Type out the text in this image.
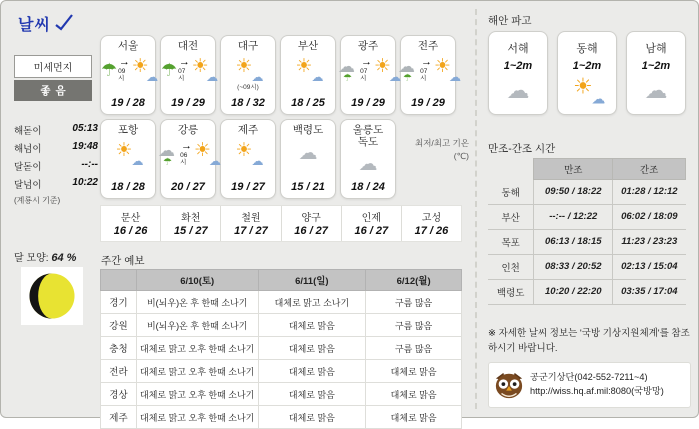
날씨
미세먼지
좋음
해돋이	05:13
해넘이	19:48
달돋이	--:--
달넘이	10:22
(계룡시 기준)
달 모양: 64 %
서울
☂ →
09시
☀
☁
19 / 28
대전
☂ →
07시
☀
☁
19 / 29
대구
☀
☁
(~09시)
18 / 32
부산
☀
☁
18 / 25
광주
☁
☂
→
07시
☀
☁
19 / 29
전주
☁
☂
→
07시
☀
☁
19 / 29
포항
☀
☁
18 / 28
강릉
☁
☂
→
06시
☀
☁
20 / 27
제주
☀
☁
19 / 27
백령도
☁
15 / 21
울릉도
독도
☁
18 / 24
최저/최고 기온
(℃)
문산
16 / 26
화천
15 / 27
철원
17 / 27
양구
16 / 27
인제
16 / 27
고성
17 / 26
주간 예보
	6/10(토)	6/11(일)	6/12(월)
경기	비(뇌우)온 후 한때 소나기	대체로 맑고 소나기	구름 많음
강원	비(뇌우)온 후 한때 소나기	대체로 맑음	구름 많음
충청	대체로 맑고 오후 한때 소나기	대체로 맑음	구름 많음
전라	대체로 맑고 오후 한때 소나기	대체로 맑음	대체로 맑음
경상	대체로 맑고 오후 한때 소나기	대체로 맑음	대체로 맑음
제주	대체로 맑고 오후 한때 소나기	대체로 맑음	대체로 맑음
해안 파고
서해
1~2m
☁
동해
1~2m
☀
☁
남해
1~2m
☁
만조-간조 시간
	만조	간조
동해	09:50 / 18:22	01:28 / 12:12
부산	--:-- / 12:22	06:02 / 18:09
목포	06:13 / 18:15	11:23 / 23:23
인천	08:33 / 20:52	02:13 / 15:04
백령도	10:20 / 22:20	03:35 / 17:04
※ 자세한 날씨 정보는 '국방 기상지원체계'를 참조하시기 바랍니다.
공군기상단(042-552-7211~4)
http://wiss.hq.af.mil:8080(국방망)
